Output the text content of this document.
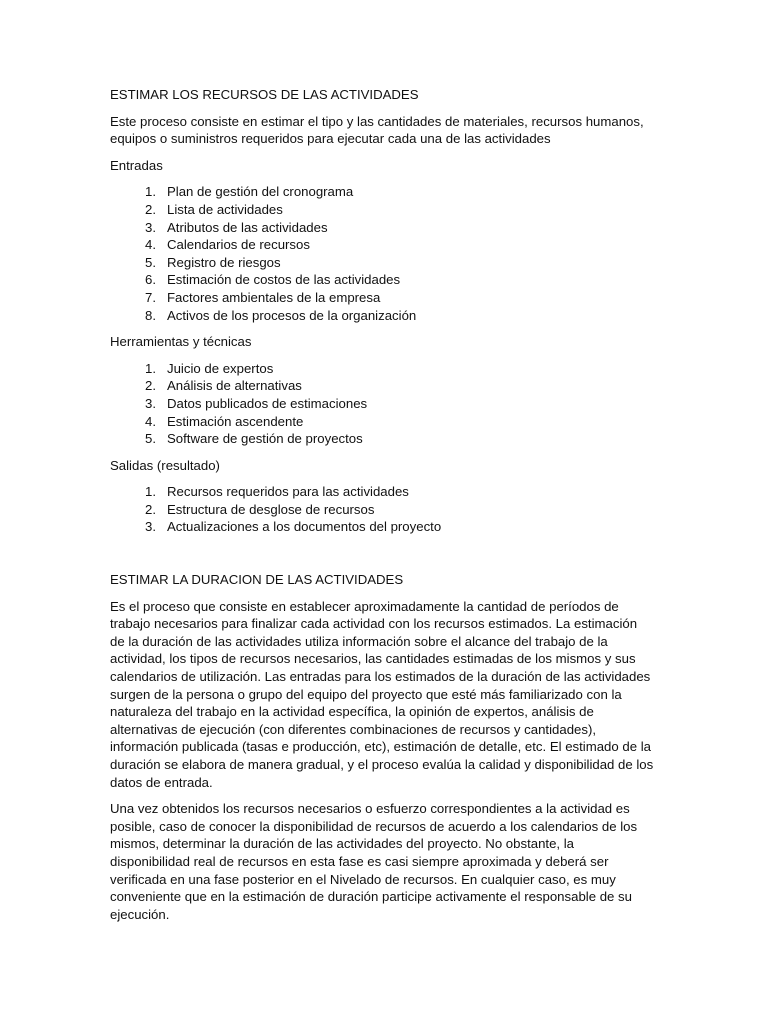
ESTIMAR LOS RECURSOS DE LAS ACTIVIDADES

Este proceso consiste en estimar el tipo y las cantidades de materiales, recursos humanos, equipos o suministros requeridos para ejecutar cada una de las actividades

Entradas
1. Plan de gestión del cronograma
2. Lista de actividades
3. Atributos de las actividades
4. Calendarios de recursos
5. Registro de riesgos
6. Estimación de costos de las actividades
7. Factores ambientales de la empresa
8. Activos de los procesos de la organización
Herramientas y técnicas
1. Juicio de expertos
2. Análisis de alternativas
3. Datos publicados de estimaciones
4. Estimación ascendente
5. Software de gestión de proyectos
Salidas (resultado)
1. Recursos requeridos para las actividades
2. Estructura de desglose de recursos
3. Actualizaciones a los documentos del proyecto
ESTIMAR LA DURACION DE LAS ACTIVIDADES

Es el proceso que consiste en establecer aproximadamente la cantidad de períodos de trabajo necesarios para finalizar cada actividad con los recursos estimados. La estimación de la duración de las actividades utiliza información sobre el alcance del trabajo de la actividad, los tipos de recursos necesarios, las cantidades estimadas de los mismos y sus calendarios de utilización. Las entradas para los estimados de la duración de las actividades surgen de la persona o grupo del equipo del proyecto que esté más familiarizado con la naturaleza del trabajo en la actividad específica, la opinión de expertos, análisis de alternativas de ejecución (con diferentes combinaciones de recursos y cantidades), información publicada (tasas e producción, etc), estimación de detalle, etc. El estimado de la duración se elabora de manera gradual, y el proceso evalúa la calidad y disponibilidad de los datos de entrada.

Una vez obtenidos los recursos necesarios o esfuerzo correspondientes a la actividad es posible, caso de conocer la disponibilidad de recursos de acuerdo a los calendarios de los mismos, determinar la duración de las actividades del proyecto. No obstante, la disponibilidad real de recursos en esta fase es casi siempre aproximada y deberá ser verificada en una fase posterior en el Nivelado de recursos. En cualquier caso, es muy conveniente que en la estimación de duración participe activamente el responsable de su ejecución.
